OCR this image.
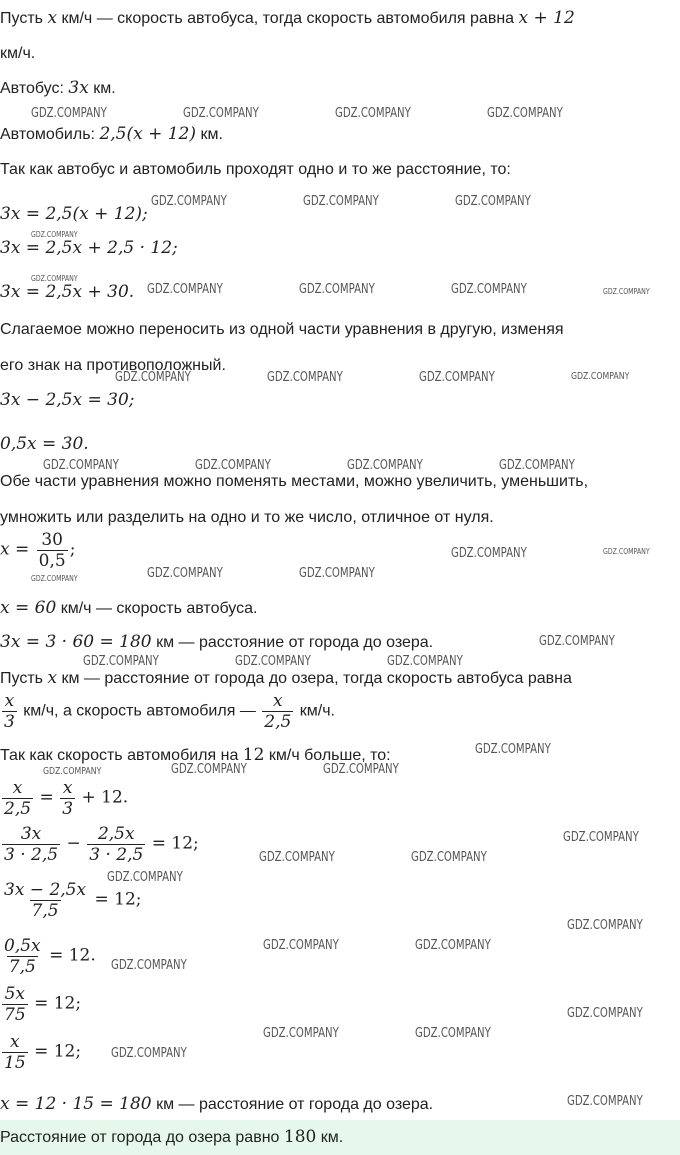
Пусть x км/ч — скорость автобуса, тогда скорость автомобиля равна x + 12
км/ч.
Автобус: 3x км.
Автомобиль: 2,5(x + 12) км.
Так как автобус и автомобиль проходят одно и то же расстояние, то:
3x = 2,5(x + 12);
3x = 2,5x + 2,5 · 12;
3x = 2,5x + 30.
Слагаемое можно переносить из одной части уравнения в другую, изменяя
его знак на противоположный.
3x − 2,5x = 30;
0,5x = 30.
Обе части уравнения можно поменять местами, можно увеличить, уменьшить,
умножить или разделить на одно и то же число, отличное от нуля.
$x = \frac{30}{0,5}$ ;
x = 60 км/ч — скорость автобуса.
3x = 3 · 60 = 180 км — расстояние от города до озера.
Пусть x км — расстояние от города до озера, тогда скорость автобуса равна
$\frac{x}{3} км/ч$, а скорость автомобиля — $\frac{x}{2,5} км/ч$.
Так как скорость автомобиля на 12 км/ч больше, то:
$\frac{x}{2,5} = \frac{x}{3} + 12$.
$\frac{3x}{3 \cdot 2,5} - \frac{2,5x}{3 \cdot 2,5} = 12$;
$\frac{3x - 2,5x}{7,5} = 12$;
$\frac{0,5x}{7,5} = 12$.
$\frac{5x}{75} = 12$;
$\frac{x}{15} = 12$;
x = 12 · 15 = 180 км — расстояние от города до озера.
Расстояние от города до озера равно 180 км.
GDZ.COMPANY	GDZ.COMPANY	GDZ.COMPANY	GDZ.COMPANY
GDZ.COMPANY	GDZ.COMPANY	GDZ.COMPANY
GDZ.COMPANY
GDZ.COMPANY
GDZ.COMPANY	GDZ.COMPANY	GDZ.COMPANY	GDZ.COMPANY
GDZ.COMPANY	GDZ.COMPANY	GDZ.COMPANY	GDZ.COMPANY
GDZ.COMPANY	GDZ.COMPANY	GDZ.COMPANY	GDZ.COMPANY
GDZ.COMPANY	GDZ.COMPANY
GDZ.COMPANY	GDZ.COMPANY	GDZ.COMPANY
GDZ.COMPANY
GDZ.COMPANY	GDZ.COMPANY	GDZ.COMPANY
GDZ.COMPANY
GDZ.COMPANY	GDZ.COMPANY	GDZ.COMPANY
GDZ.COMPANY
GDZ.COMPANY	GDZ.COMPANY
GDZ.COMPANY
GDZ.COMPANY
GDZ.COMPANY	GDZ.COMPANY
GDZ.COMPANY
GDZ.COMPANY
GDZ.COMPANY	GDZ.COMPANY
GDZ.COMPANY
GDZ.COMPANY
